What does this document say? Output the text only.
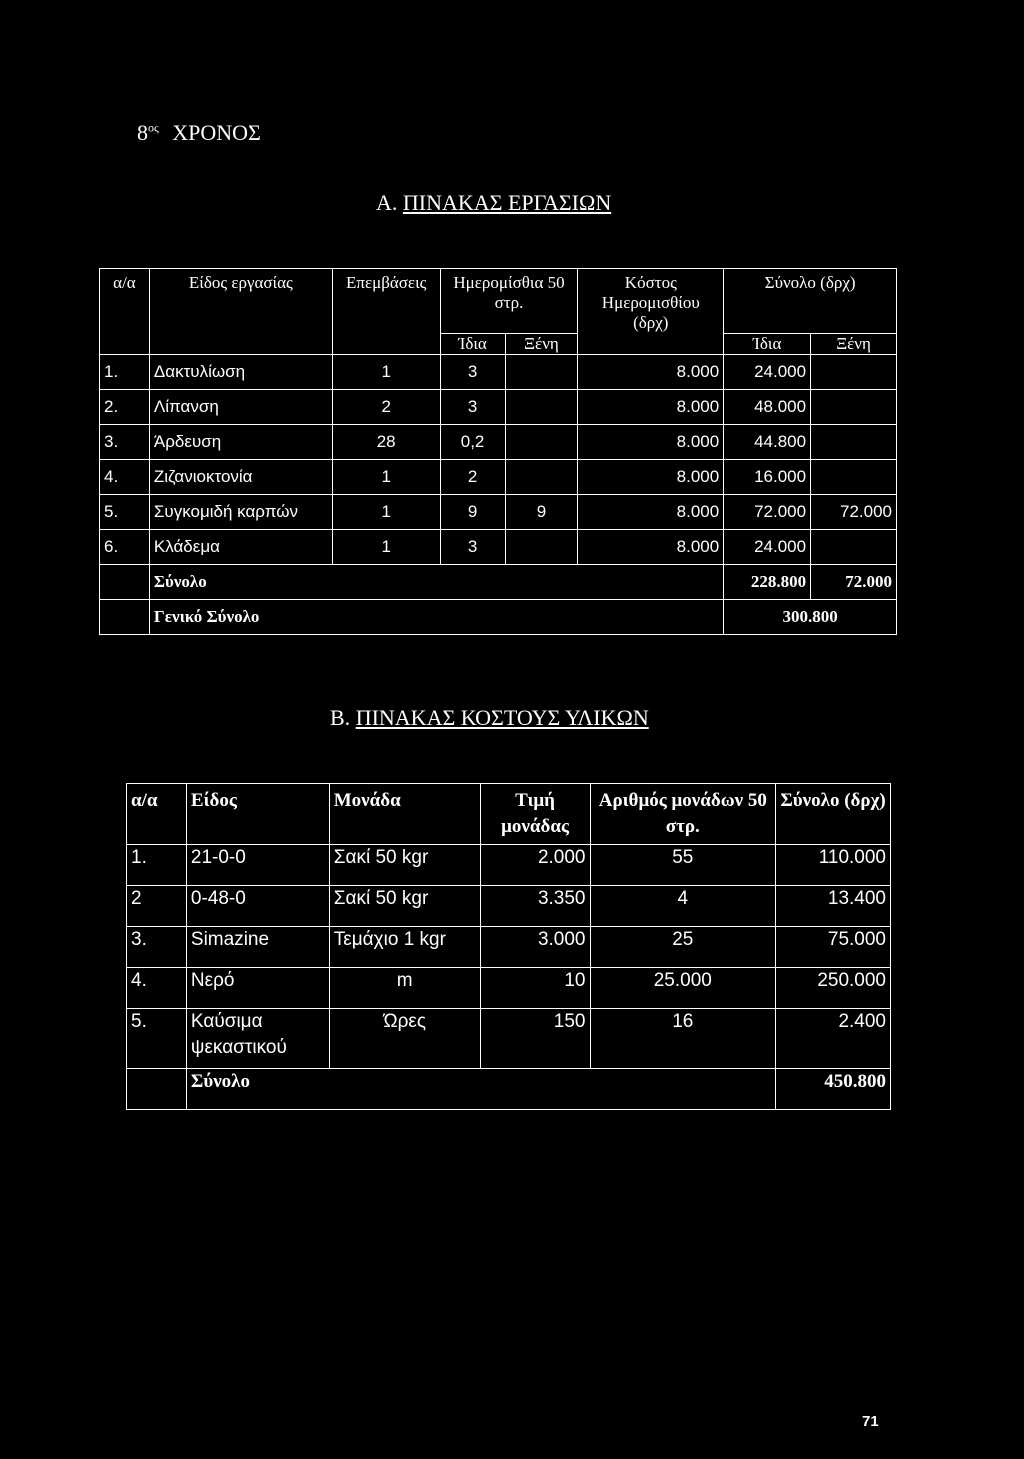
$8^{o\varsigma}$ ΧΡΟΝΟΣ
Α. ΠΙΝΑΚΑΣ ΕΡΓΑΣΙΩΝ
α/α	Είδος εργασίας	Επεμβάσεις	Ημερομίσθια 50 στρ.		Κόστος Ημερομισθίου (δρχ)	Σύνολο (δρχ)	
			Ίδια	Ξένη		Ίδια	Ξένη
1.	Δακτυλίωση	1	3		8.000	24.000	
2.	Λίπανση	2	3		8.000	48.000	
3.	Άρδευση	28	0,2		8.000	44.800	
4.	Ζιζανιοκτονία	1	2		8.000	16.000	
5.	Συγκομιδή καρπών	1	9	9	8.000	72.000	72.000
6.	Κλάδεμα	1	3		8.000	24.000	
	Σύνολο					228.800	72.000
	Γενικό Σύνολο					300.800	
Β. ΠΙΝΑΚΑΣ ΚΟΣΤΟΥΣ ΥΛΙΚΩΝ
α/α	Είδος	Μονάδα	Τιμή μονάδας	Αριθμός μονάδων 50 στρ.	Σύνολο (δρχ)
1.	21-0-0	Σακί 50 kgr	2.000	55	110.000
2	0-48-0	Σακί 50 kgr	3.350	4	13.400
3.	Simazine	Τεμάχιο 1 kgr	3.000	25	75.000
4.	Νερό	m	10	25.000	250.000
5.	Καύσιμα ψεκαστικού	Ώρες	150	16	2.400
	Σύνολο				450.800
71
